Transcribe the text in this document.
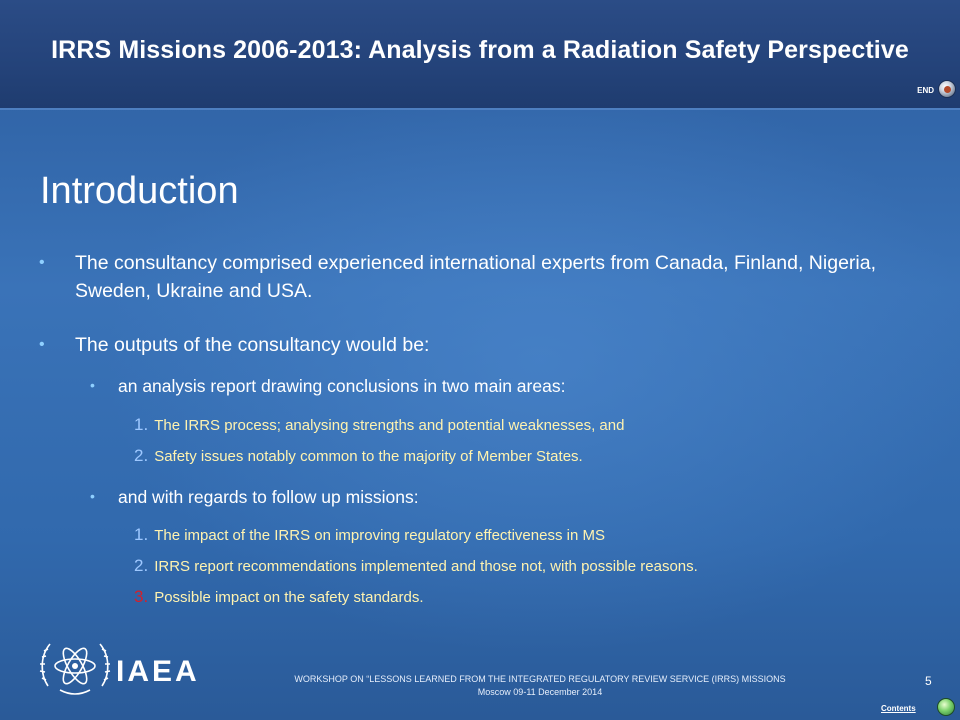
IRRS Missions 2006-2013: Analysis from a Radiation Safety Perspective
END
Introduction
• The consultancy comprised experienced international experts from Canada, Finland, Nigeria, Sweden, Ukraine and USA.
• The outputs of the consultancy would be:
• an analysis report drawing conclusions in two main areas:
1. The IRRS process; analysing strengths and potential weaknesses, and
2. Safety issues notably common to the majority of Member States.
• and with regards to follow up missions:
1. The impact of the IRRS on improving regulatory effectiveness in MS
2. IRRS report recommendations implemented and those not, with possible reasons.
3. Possible impact on the safety standards.
IAEA	WORKSHOP ON “LESSONS LEARNED FROM THE INTEGRATED REGULATORY REVIEW SERVICE (IRRS) MISSIONS
Moscow 09-11 December 2014
5
Contents
